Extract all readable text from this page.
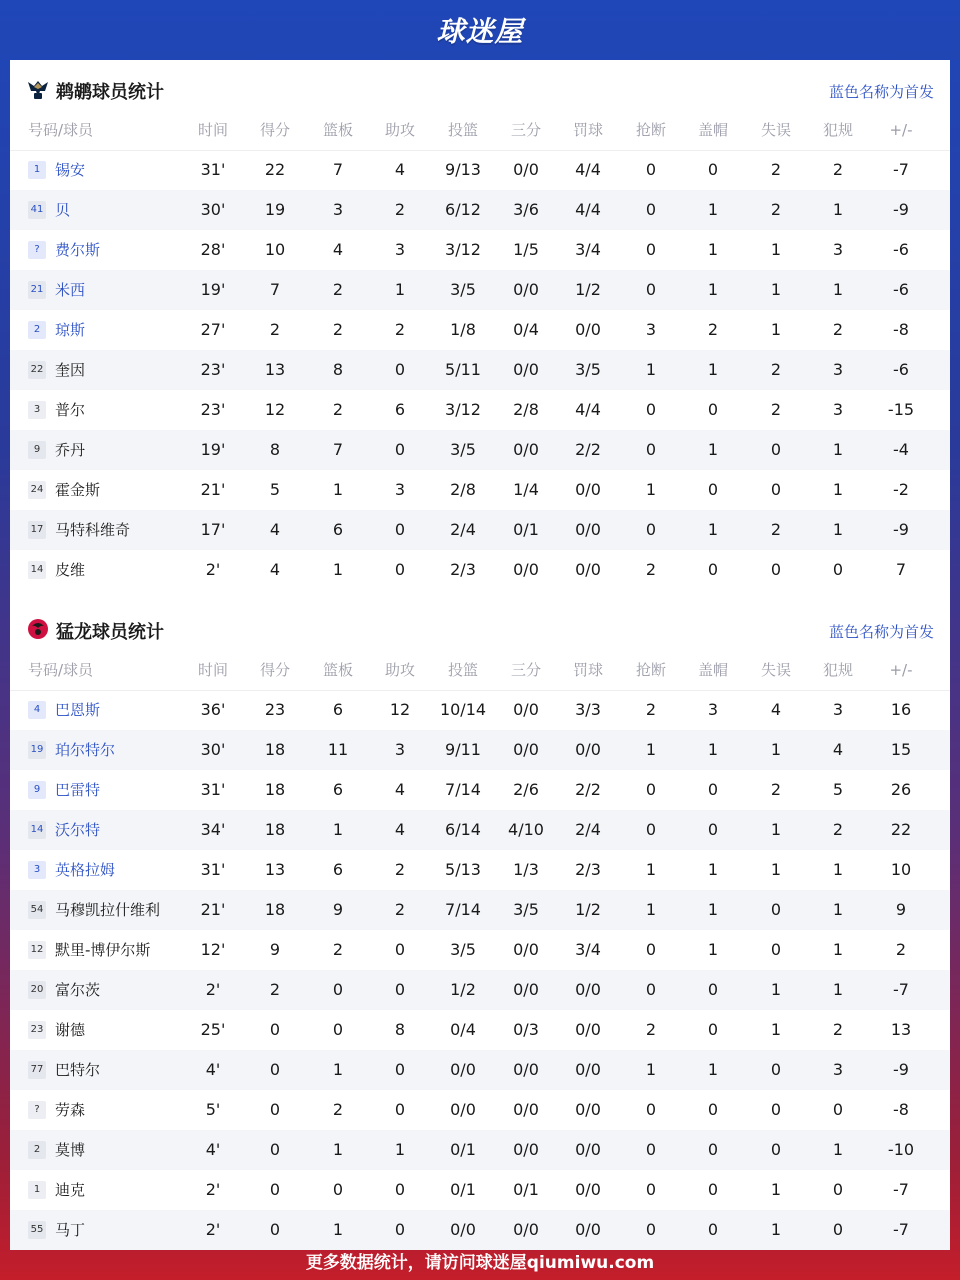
球迷屋
鹈鹕球员统计	蓝色名称为首发
号码/球员	时间	得分	篮板	助攻	投篮	三分	罚球	抢断	盖帽	失误	犯规	+/-
1 锡安	31'	22	7	4	9/13	0/0	4/4	0	0	2	2	-7
41 贝	30'	19	3	2	6/12	3/6	4/4	0	1	2	1	-9
?	费尔斯	28'	10	4	3	3/12	1/5	3/4	0	1	1	3	-6
21 米西	19'	7	2	1	3/5	0/0	1/2	0	1	1	1	-6
2 琼斯	27'	2	2	2	1/8	0/4	0/0	3	2	1	2	-8
22 奎因	23'	13	8	0	5/11	0/0	3/5	1	1	2	3	-6
3 普尔	23'	12	2	6	3/12	2/8	4/4	0	0	2	3	-15
9 乔丹	19'	8	7	0	3/5	0/0	2/2	0	1	0	1	-4
24 霍金斯	21'	5	1	3	2/8	1/4	0/0	1	0	0	1	-2
17 马特科维奇	17'	4	6	0	2/4	0/1	0/0	0	1	2	1	-9
14 皮维	2'	4	1	0	2/3	0/0	0/0	2	0	0	0	7
猛龙球员统计	蓝色名称为首发
号码/球员	时间	得分	篮板	助攻	投篮	三分	罚球	抢断	盖帽	失误	犯规	+/-
4 巴恩斯	36'	23	6	12	10/14	0/0	3/3	2	3	4	3	16
19 珀尔特尔	30'	18	11	3	9/11	0/0	0/0	1	1	1	4	15
9 巴雷特	31'	18	6	4	7/14	2/6	2/2	0	0	2	5	26
14 沃尔特	34'	18	1	4	6/14	4/10	2/4	0	0	1	2	22
3 英格拉姆	31'	13	6	2	5/13	1/3	2/3	1	1	1	1	10
54 马穆凯拉什维利	21'	18	9	2	7/14	3/5	1/2	1	1	0	1	9
12 默里-博伊尔斯	12'	9	2	0	3/5	0/0	3/4	0	1	0	1	2
20 富尔茨	2'	2	0	0	1/2	0/0	0/0	0	0	1	1	-7
23 谢德	25'	0	0	8	0/4	0/3	0/0	2	0	1	2	13
77 巴特尔	4'	0	1	0	0/0	0/0	0/0	1	1	0	3	-9
?	劳森	5'	0	2	0	0/0	0/0	0/0	0	0	0	0	-8
2 莫博	4'	0	1	1	0/1	0/0	0/0	0	0	0	1	-10
1 迪克	2'	0	0	0	0/1	0/1	0/0	0	0	1	0	-7
55 马丁	2'	0	1	0	0/0	0/0	0/0	0	0	1	0	-7
更多数据统计，请访问球迷屋qiumiwu.com
